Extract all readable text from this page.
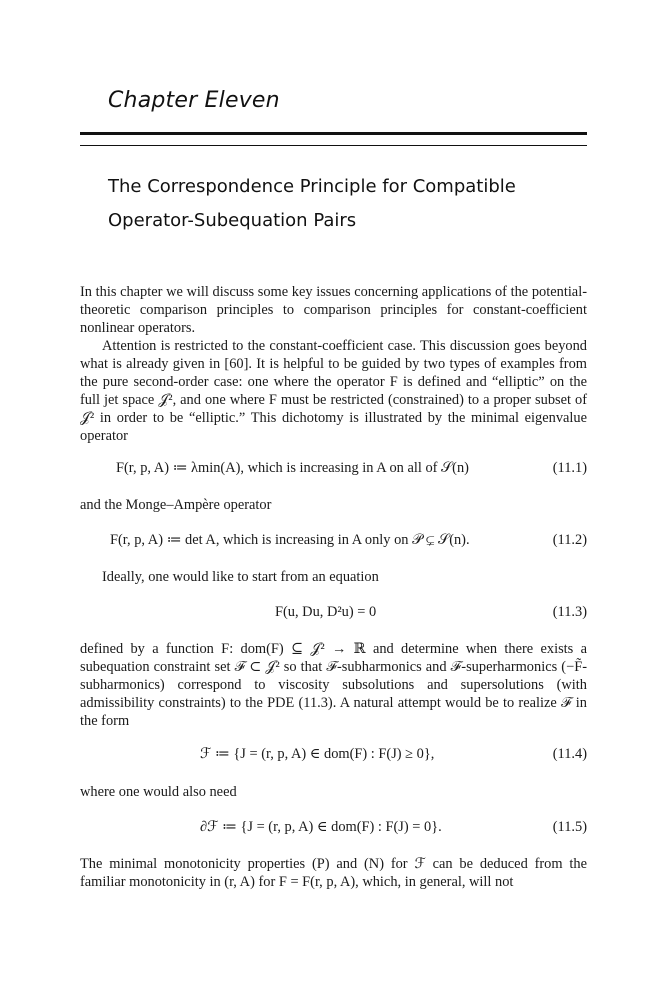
Chapter Eleven
The Correspondence Principle for Compatible
Operator-Subequation Pairs

In this chapter we will discuss some key issues concerning applications of the potential-theoretic comparison principles to comparison principles for constant-coefficient nonlinear operators.

Attention is restricted to the constant-coefficient case. This discussion goes beyond what is already given in [60]. It is helpful to be guided by two types of examples from the pure second-order case: one where the operator F is defined and “elliptic” on the full jet space 𝒥², and one where F must be restricted (constrained) to a proper subset of 𝒥² in order to be “elliptic.” This dichotomy is illustrated by the minimal eigenvalue operator

F(r, p, A) ≔ λmin(A), which is increasing in A on all of 𝒮(n)	(11.1)

and the Monge–Ampère operator

F(r, p, A) ≔ det A, which is increasing in A only on 𝒫 ⊊ 𝒮(n).	(11.2)

Ideally, one would like to start from an equation

F(u, Du, D²u) = 0	(11.3)

defined by a function F: dom(F) ⊆ 𝒥² → ℝ and determine when there exists a subequation constraint set ℱ ⊂ 𝒥² so that ℱ-subharmonics and ℱ-superharmonics (−F̃-subharmonics) correspond to viscosity subsolutions and supersolutions (with admissibility constraints) to the PDE (11.3). A natural attempt would be to realize ℱ in the form

ℱ ≔ {J = (r, p, A) ∈ dom(F) : F(J) ≥ 0},	(11.4)

where one would also need

∂ℱ ≔ {J = (r, p, A) ∈ dom(F) : F(J) = 0}.	(11.5)

The minimal monotonicity properties (P) and (N) for ℱ can be deduced from the familiar monotonicity in (r, A) for F = F(r, p, A), which, in general, will not
